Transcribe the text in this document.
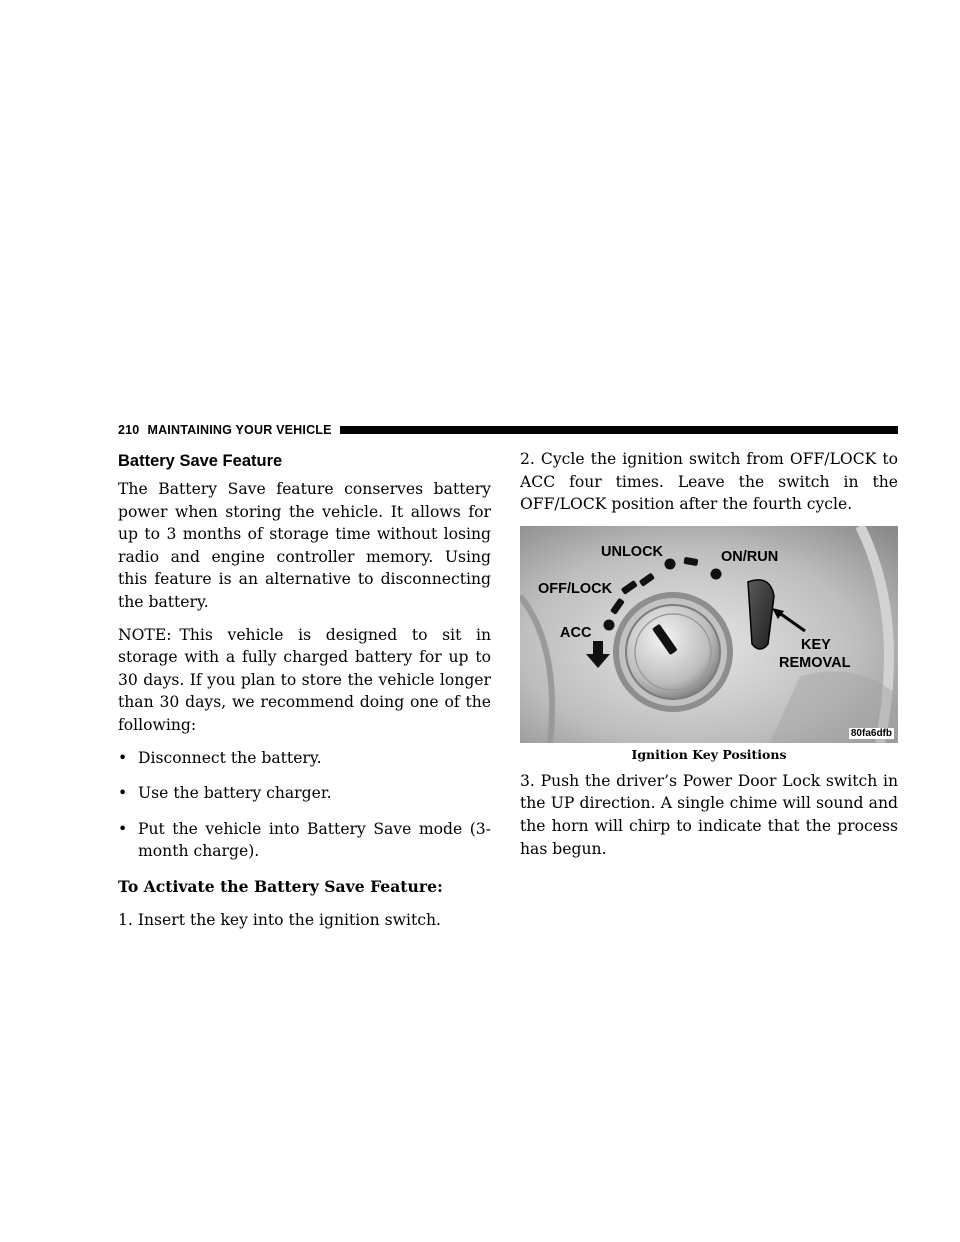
210 MAINTAINING YOUR VEHICLE
Battery Save Feature

The Battery Save feature conserves battery power when storing the vehicle. It allows for up to 3 months of storage time without losing radio and engine controller memory. Using this feature is an alternative to disconnecting the battery.

NOTE: This vehicle is designed to sit in storage with a fully charged battery for up to 30 days. If you plan to store the vehicle longer than 30 days, we recommend doing one of the following:

• Disconnect the battery.
• Use the battery charger.
• Put the vehicle into Battery Save mode (3-month charge).
To Activate the Battery Save Feature:

1. Insert the key into the ignition switch.

2. Cycle the ignition switch from OFF/LOCK to ACC four times. Leave the switch in the OFF/LOCK position after the fourth cycle.

UNLOCK	ON/RUN
OFF/LOCK
ACC
KEY
REMOVAL
80fa6dfb
Ignition Key Positions

3. Push the driver’s Power Door Lock switch in the UP direction. A single chime will sound and the horn will chirp to indicate that the process has begun.
